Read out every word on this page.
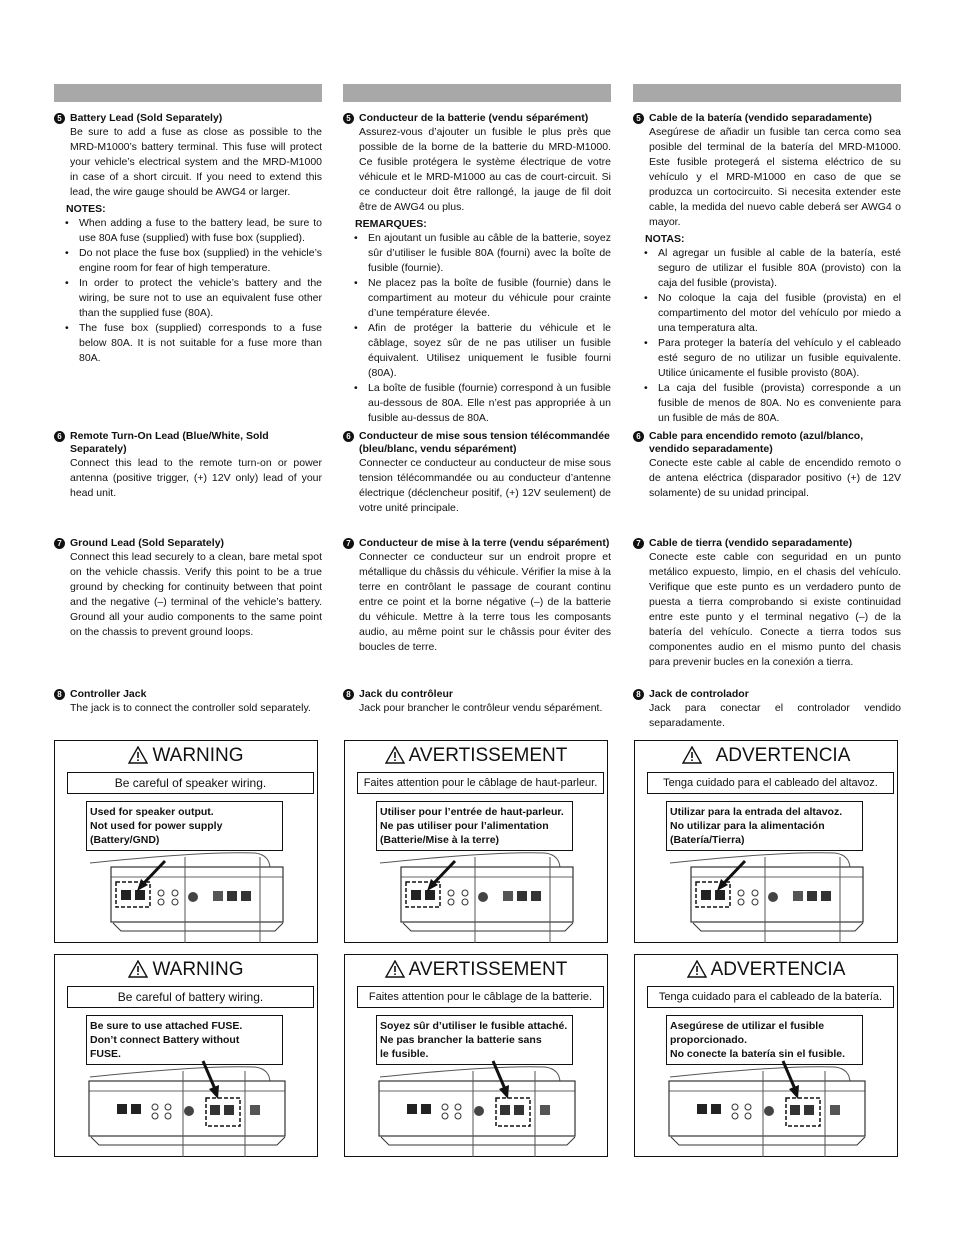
5 Battery Lead (Sold Separately)
Be sure to add a fuse as close as possible to the MRD-M1000’s battery terminal. This fuse will protect your vehicle’s electrical system and the MRD-M1000 in case of a short circuit. If you need to extend this lead, the wire gauge should be AWG4 or larger.
NOTES:
• When adding a fuse to the battery lead, be sure to use 80A fuse (supplied) with fuse box (supplied).
• Do not place the fuse box (supplied) in the vehicle’s engine room for fear of high temperature.
• In order to protect the vehicle’s battery and the wiring, be sure not to use an equivalent fuse other than the supplied fuse (80A).
• The fuse box (supplied) corresponds to a fuse below 80A. It is not suitable for a fuse more than 80A.
6 Remote Turn-On Lead (Blue/White, Sold Separately)
Connect this lead to the remote turn-on or power antenna (positive trigger, (+) 12V only) lead of your head unit.
7 Ground Lead (Sold Separately)
Connect this lead securely to a clean, bare metal spot on the vehicle chassis. Verify this point to be a true ground by checking for continuity between that point and the negative (–) terminal of the vehicle’s battery. Ground all your audio components to the same point on the chassis to prevent ground loops.
8 Controller Jack
The jack is to connect the controller sold separately.
5 Conducteur de la batterie (vendu séparément)
Assurez-vous d’ajouter un fusible le plus près que possible de la borne de la batterie du MRD-M1000. Ce fusible protégera le système électrique de votre véhicule et le MRD-M1000 au cas de court-circuit. Si ce conducteur doit être rallongé, la jauge de fil doit être de AWG4 ou plus.
REMARQUES:
• En ajoutant un fusible au câble de la batterie, soyez sûr d’utiliser le fusible 80A (fourni) avec la boîte de fusible (fournie).
• Ne placez pas la boîte de fusible (fournie) dans le compartiment au moteur du véhicule pour crainte d’une température élevée.
• Afin de protéger la batterie du véhicule et le câblage, soyez sûr de ne pas utiliser un fusible équivalent. Utilisez uniquement le fusible fourni (80A).
• La boîte de fusible (fournie) correspond à un fusible au-dessous de 80A. Elle n’est pas appropriée à un fusible au-dessus de 80A.
6 Conducteur de mise sous tension télécommandée (bleu/blanc, vendu séparément)
Connecter ce conducteur au conducteur de mise sous tension télécommandée ou au conducteur d’antenne électrique (déclencheur positif, (+) 12V seulement) de votre unité principale.
7 Conducteur de mise à la terre (vendu séparément)
Connecter ce conducteur sur un endroit propre et métallique du châssis du véhicule. Vérifier la mise à la terre en contrôlant le passage de courant continu entre ce point et la borne négative (–) de la batterie du véhicule. Mettre à la terre tous les composants audio, au même point sur le châssis pour éviter des boucles de terre.
8 Jack du contrôleur
Jack pour brancher le contrôleur vendu séparément.
5 Cable de la batería (vendido separadamente)
Asegúrese de añadir un fusible tan cerca como sea posible del terminal de la batería del MRD-M1000. Este fusible protegerá el sistema eléctrico de su vehículo y el MRD-M1000 en caso de que se produzca un cortocircuito. Si necesita extender este cable, la medida del nuevo cable deberá ser AWG4 o mayor.
NOTAS:
• Al agregar un fusible al cable de la batería, esté seguro de utilizar el fusible 80A (provisto) con la caja del fusible (provista).
• No coloque la caja del fusible (provista) en el compartimento del motor del vehículo por miedo a una temperatura alta.
• Para proteger la batería del vehículo y el cableado esté seguro de no utilizar un fusible equivalente. Utilice únicamente el fusible provisto (80A).
• La caja del fusible (provista) corresponde a un fusible de menos de 80A. No es conveniente para un fusible de más de 80A.
6 Cable para encendido remoto (azul/blanco, vendido separadamente)
Conecte este cable al cable de encendido remoto o de antena eléctrica (disparador positivo (+) de 12V solamente) de su unidad principal.
7 Cable de tierra (vendido separadamente)
Conecte este cable con seguridad en un punto metálico expuesto, limpio, en el chasis del vehículo. Verifique que este punto es un verdadero punto de puesta a tierra comprobando si existe continuidad entre este punto y el terminal negativo (–) de la batería del vehículo. Conecte a tierra todos sus componentes audio en el mismo punto del chasis para prevenir bucles en la conexión a tierra.
8 Jack de controlador
Jack para conectar el controlador vendido separadamente.
WARNING
Be careful of speaker wiring.
Used for speaker output.
Not used for power supply
(Battery/GND)
AVERTISSEMENT
Faites attention pour le câblage de haut-parleur.
Utiliser pour l’entrée de haut-parleur.
Ne pas utiliser pour l’alimentation
(Batterie/Mise à la terre)
ADVERTENCIA
Tenga cuidado para el cableado del altavoz.
Utilizar para la entrada del altavoz.
No utilizar para la alimentación
(Batería/Tierra)
WARNING
Be careful of battery wiring.
Be sure to use attached FUSE.
Don’t connect Battery without
FUSE.
AVERTISSEMENT
Faites attention pour le câblage de la batterie.
Soyez sûr d’utiliser le fusible attaché.
Ne pas brancher la batterie sans
le fusible.
ADVERTENCIA
Tenga cuidado para el cableado de la batería.
Asegúrese de utilizar el fusible
proporcionado.
No conecte la batería sin el fusible.
